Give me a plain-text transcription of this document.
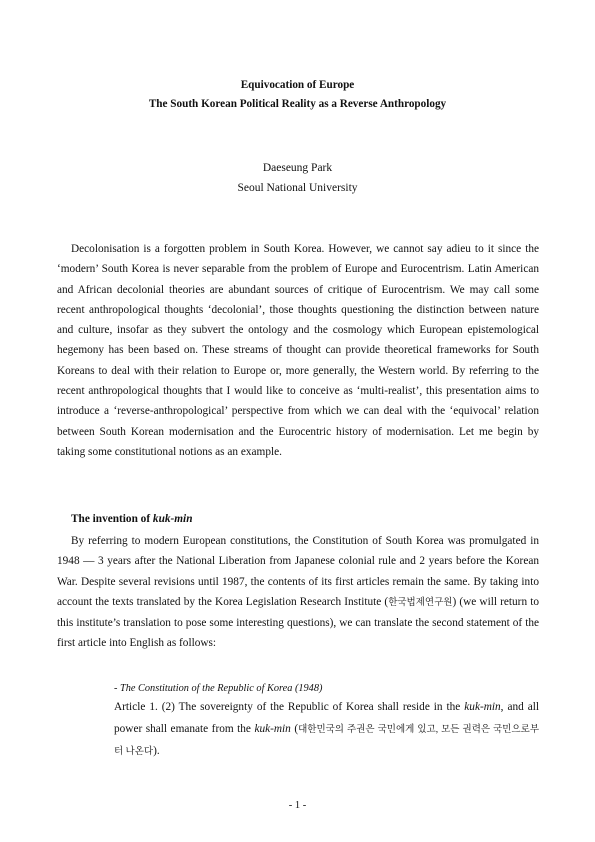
Equivocation of Europe
The South Korean Political Reality as a Reverse Anthropology
Daeseung Park
Seoul National University

Decolonisation is a forgotten problem in South Korea. However, we cannot say adieu to it since the ‘modern’ South Korea is never separable from the problem of Europe and Eurocentrism. Latin American and African decolonial theories are abundant sources of critique of Eurocentrism. We may call some recent anthropological thoughts ‘decolonial’, those thoughts questioning the distinction between nature and culture, insofar as they subvert the ontology and the cosmology which European epistemological hegemony has been based on. These streams of thought can provide theoretical frameworks for South Koreans to deal with their relation to Europe or, more generally, the Western world. By referring to the recent anthropological thoughts that I would like to conceive as ‘multi-realist’, this presentation aims to introduce a ‘reverse-anthropological’ perspective from which we can deal with the ‘equivocal’ relation between South Korean modernisation and the Eurocentric history of modernisation. Let me begin by taking some constitutional notions as an example.

The invention of kuk-min

By referring to modern European constitutions, the Constitution of South Korea was promulgated in 1948 — 3 years after the National Liberation from Japanese colonial rule and 2 years before the Korean War. Despite several revisions until 1987, the contents of its first articles remain the same. By taking into account the texts translated by the Korea Legislation Research Institute (한국법제연구원) (we will return to this institute’s translation to pose some interesting questions), we can translate the second statement of the first article into English as follows:

- The Constitution of the Republic of Korea (1948)

Article 1. (2) The sovereignty of the Republic of Korea shall reside in the kuk-min, and all power shall emanate from the kuk-min (대한민국의 주권은 국민에게 있고, 모든 권력은 국민으로부터 나온다).

- 1 -
